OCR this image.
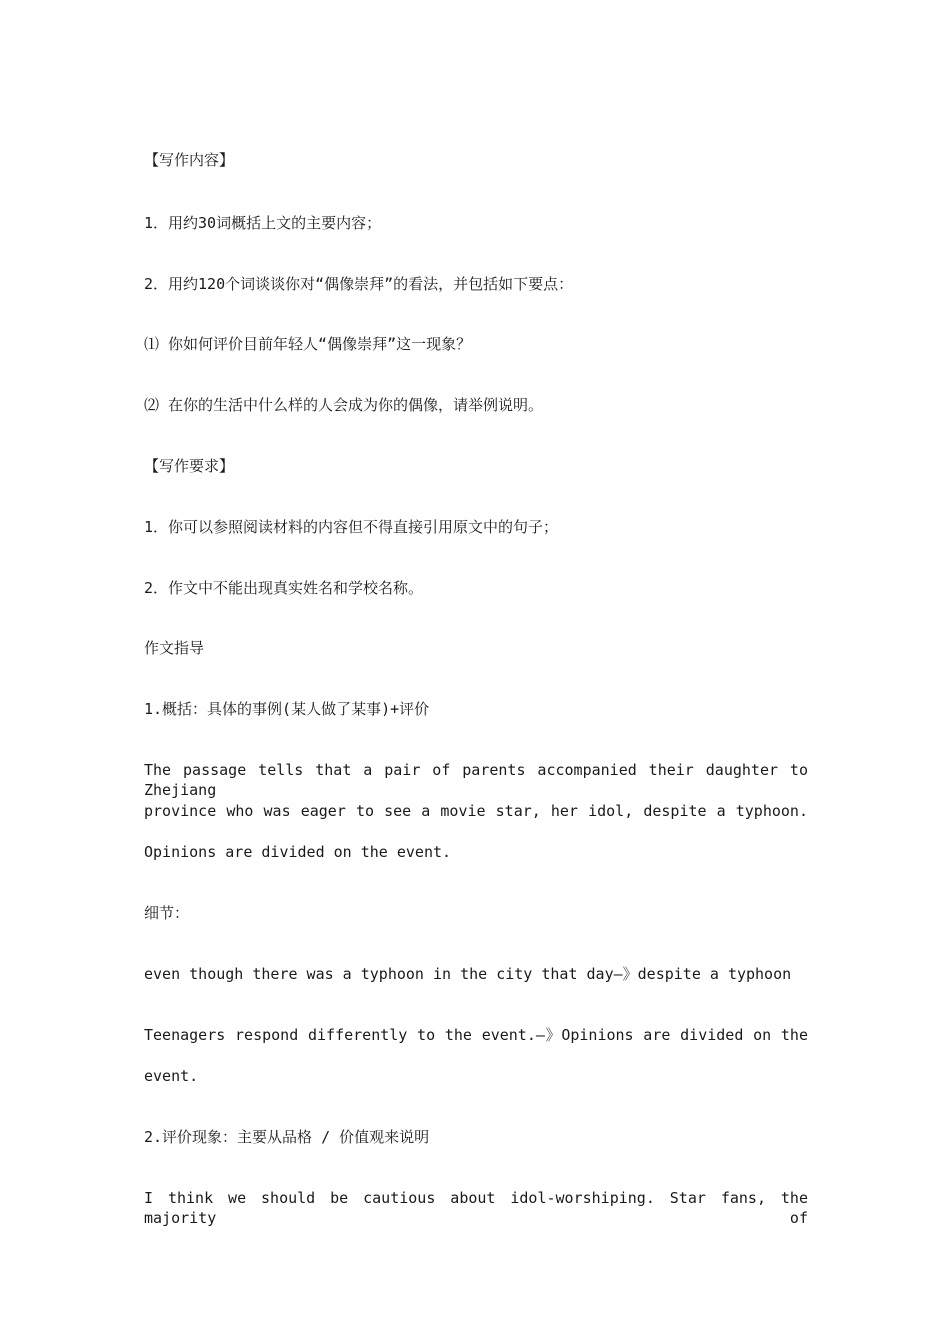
【写作内容】
1．用约30词概括上文的主要内容；
2．用约120个词谈谈你对“偶像崇拜”的看法，并包括如下要点：
⑴ 你如何评价目前年轻人“偶像崇拜”这一现象？
⑵ 在你的生活中什么样的人会成为你的偶像，请举例说明。
【写作要求】
1．你可以参照阅读材料的内容但不得直接引用原文中的句子；
2．作文中不能出现真实姓名和学校名称。
作文指导
1.概括：具体的事例(某人做了某事)+评价
The passage tells that a pair of parents accompanied their daughter to Zhejiang
province who was eager to see a movie star, her idol, despite a typhoon.
Opinions are divided on the event.
细节：
even though there was a typhoon in the city that day—》despite a typhoon
Teenagers respond differently to the event.—》Opinions are divided on the
event.
2.评价现象：主要从品格 / 价值观来说明
I think we should be cautious about idol-worshiping. Star fans, the majority of
